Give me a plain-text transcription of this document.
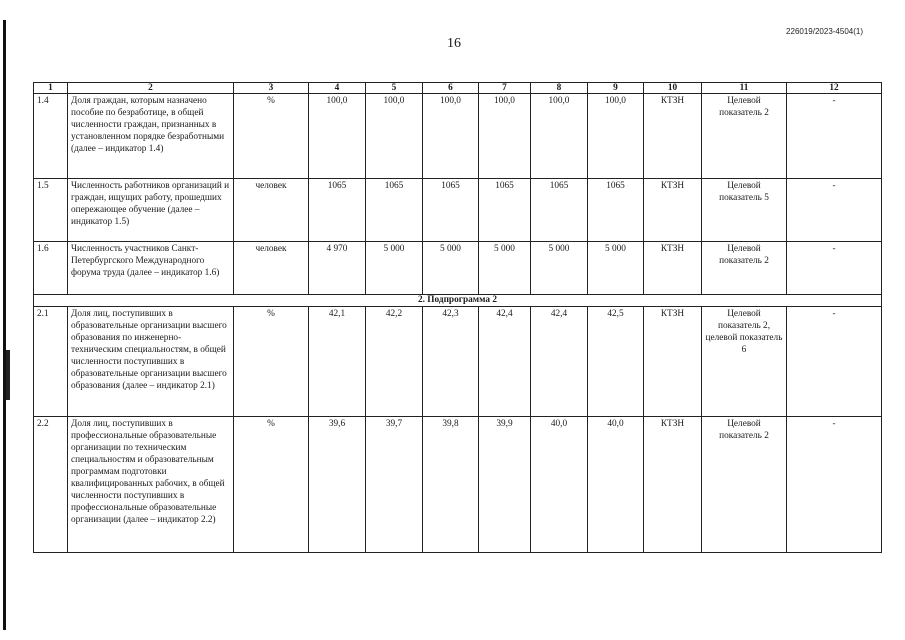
226019/2023-4504(1)
16
1	2	3	4	5	6	7	8	9	10	11	12
1.4	Доля граждан, которым назначено пособие по безработице, в общей численности граждан, признанных в установленном порядке безработными (далее – индикатор 1.4)	%	100,0	100,0	100,0	100,0	100,0	100,0	КТЗН	Целевой показатель 2	-
1.5	Численность работников организаций и граждан, ищущих работу, прошедших опережающее обучение (далее – индикатор 1.5)	человек	1065	1065	1065	1065	1065	1065	КТЗН	Целевой показатель 5	-
1.6	Численность участников Санкт-Петербургского Международного форума труда (далее – индикатор 1.6)	человек	4 970	5 000	5 000	5 000	5 000	5 000	КТЗН	Целевой показатель 2	-
2. Подпрограмма 2											
2.1	Доля лиц, поступивших в образовательные организации высшего образования по инженерно-техническим специальностям, в общей численности поступивших в образовательные организации высшего образования (далее – индикатор 2.1)	%	42,1	42,2	42,3	42,4	42,4	42,5	КТЗН	Целевой показатель 2, целевой показатель 6	-
2.2	Доля лиц, поступивших в профессиональные образовательные организации по техническим специальностям и образовательным программам подготовки квалифицированных рабочих, в общей численности поступивших в профессиональные образовательные организации (далее – индикатор 2.2)	%	39,6	39,7	39,8	39,9	40,0	40,0	КТЗН	Целевой показатель 2	-
